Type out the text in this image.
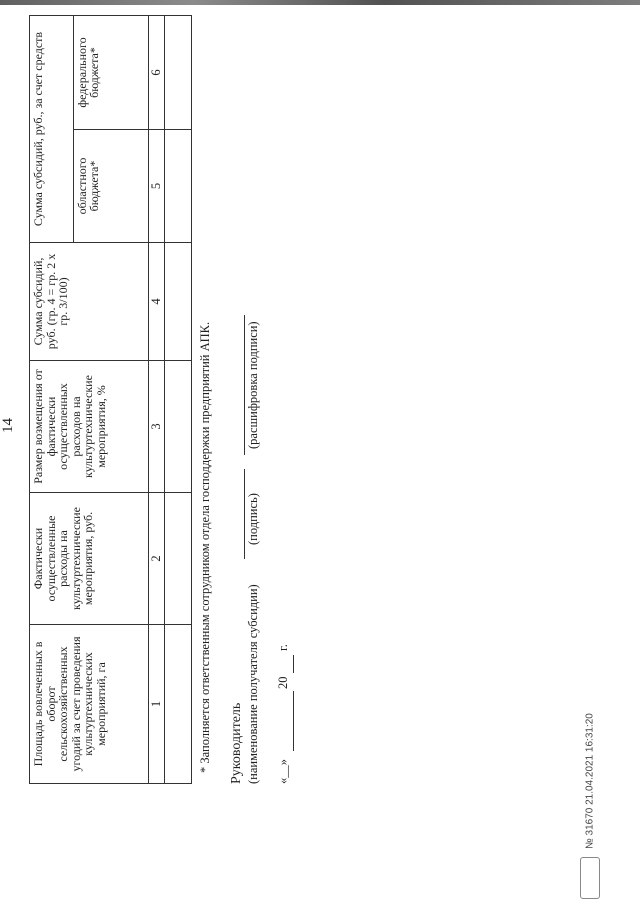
14
Площадь вовлеченных в оборот сельскохозяйственных угодий за счет проведения культуртехнических мероприятий, га	Фактически осуществленные расходы на культуртехнические мероприятия, руб.	Размер возмещения от фактически осуществленных расходов на культуртехнические мероприятия, %	Сумма субсидий, руб. (гр. 4 = гр. 2 х гр. 3/100)	Сумма субсидий, руб., за счет средств	
				областного бюджета*	федерального бюджета*
1	2	3	4	5	6

* Заполняется ответственным сотрудником отдела господдержки предприятий АПК. Руководитель (наименование получателя субсидии)
(подпись)
(расшифровка подписи)
«__»
20
г.
№ 31670 21.04.2021 16:31:20
